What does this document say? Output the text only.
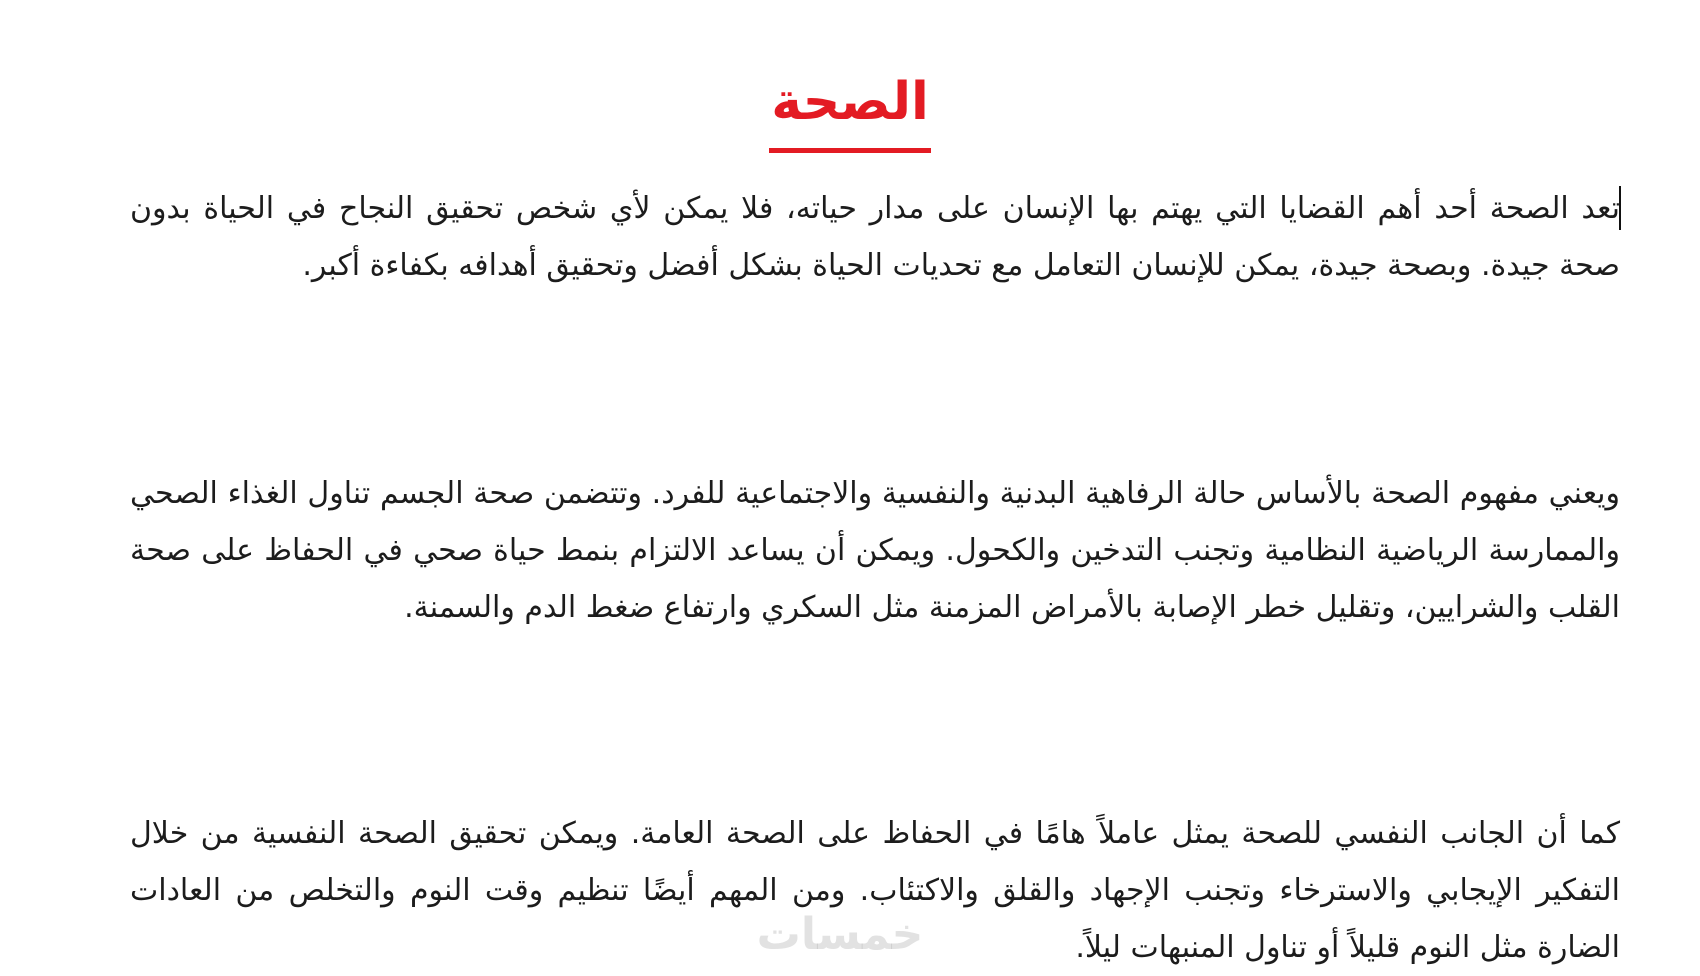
الصحة

تعد الصحة أحد أهم القضايا التي يهتم بها الإنسان على مدار حياته، فلا يمكن لأي شخص تحقيق النجاح في الحياة بدون صحة جيدة. وبصحة جيدة، يمكن للإنسان التعامل مع تحديات الحياة بشكل أفضل وتحقيق أهدافه بكفاءة أكبر.

ويعني مفهوم الصحة بالأساس حالة الرفاهية البدنية والنفسية والاجتماعية للفرد. وتتضمن صحة الجسم تناول الغذاء الصحي والممارسة الرياضية النظامية وتجنب التدخين والكحول. ويمكن أن يساعد الالتزام بنمط حياة صحي في الحفاظ على صحة القلب والشرايين، وتقليل خطر الإصابة بالأمراض المزمنة مثل السكري وارتفاع ضغط الدم والسمنة.

كما أن الجانب النفسي للصحة يمثل عاملاً هامًا في الحفاظ على الصحة العامة. ويمكن تحقيق الصحة النفسية من خلال التفكير الإيجابي والاسترخاء وتجنب الإجهاد والقلق والاكتئاب. ومن المهم أيضًا تنظيم وقت النوم والتخلص من العادات الضارة مثل النوم قليلاً أو تناول المنبهات ليلاً.

خمسات
